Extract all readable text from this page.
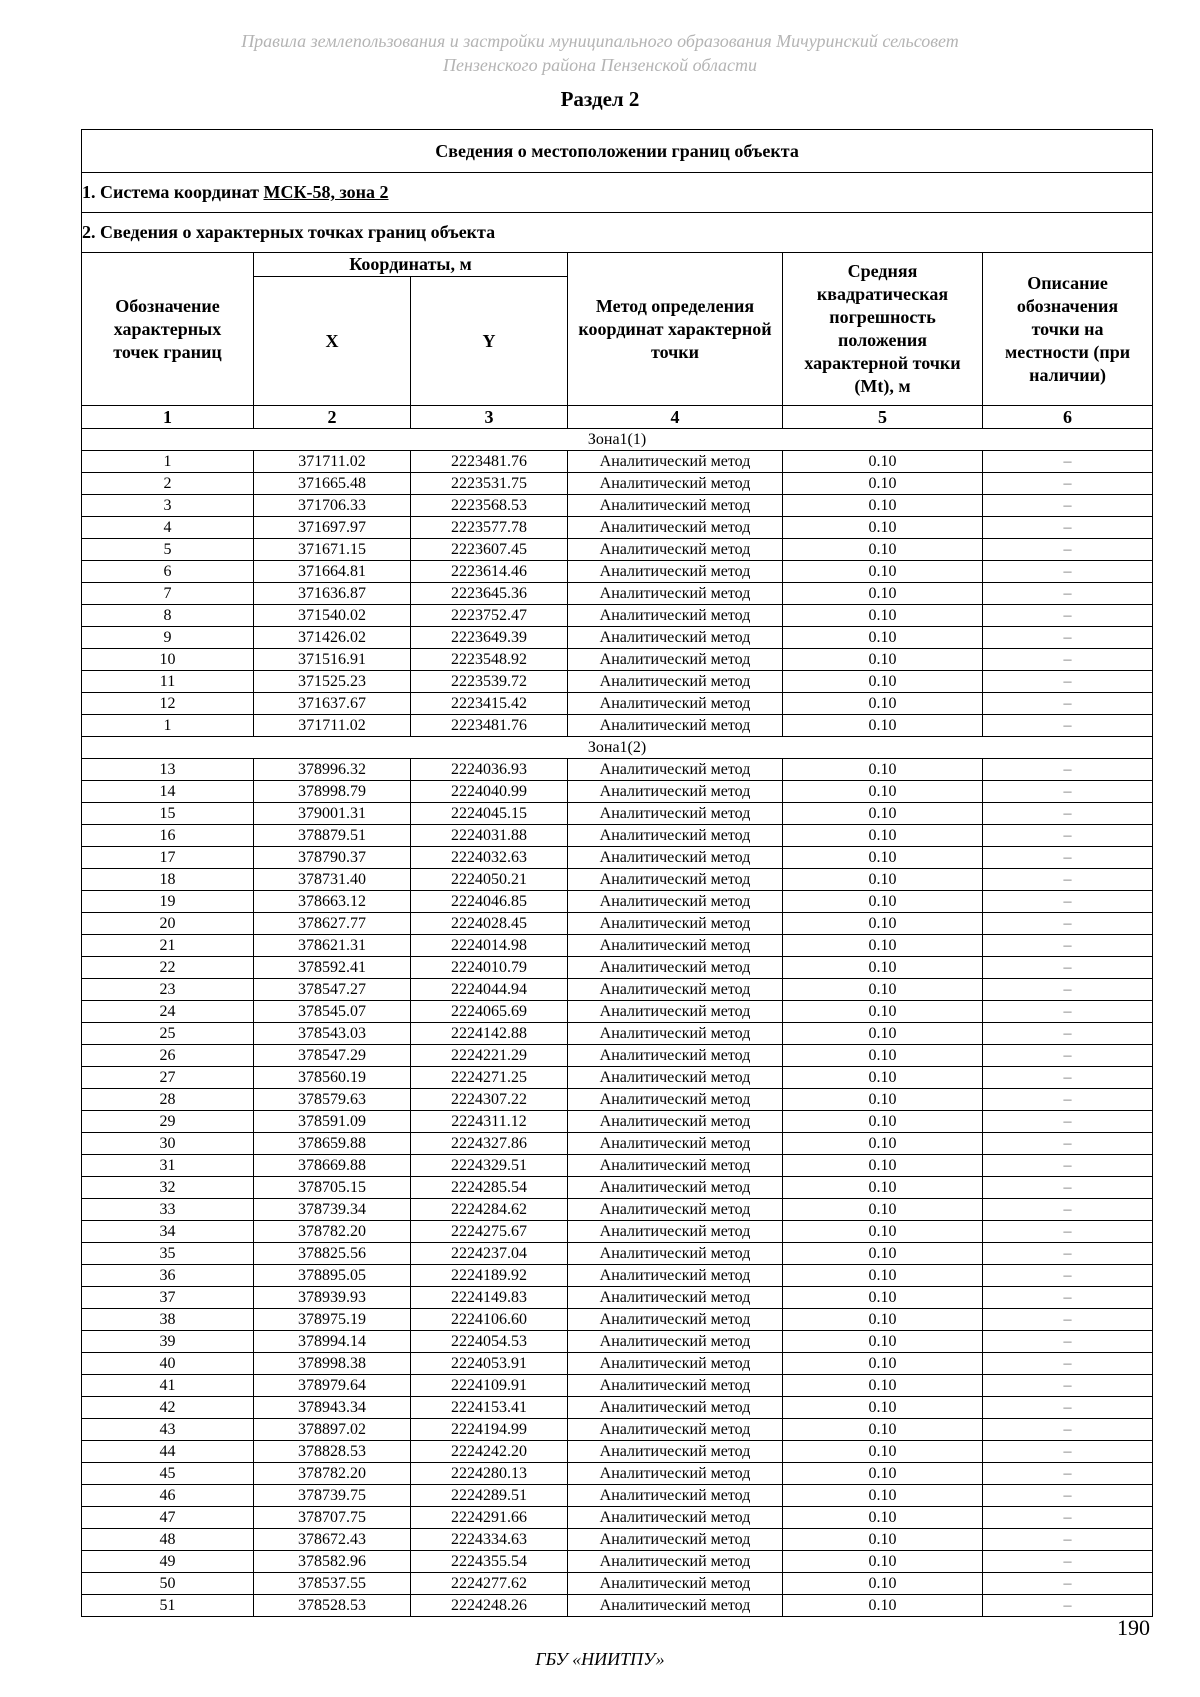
Правила землепользования и застройки муниципального образования Мичуринский сельсовет
Пензенского района Пензенской области
Раздел 2
Сведения о местоположении границ объекта					
1. Система координат МСК-58, зона 2					
2. Сведения о характерных точках границ объекта					
Обозначение характерных точек границ	Координаты, м		Метод определения координат характерной точки	Средняя квадратическая погрешность положения характерной точки (Mt), м	Описание обозначения точки на местности (при наличии)
	X	Y			
1	2	3	4	5	6
Зона1(1)					
1	371711.02	2223481.76	Аналитический метод	0.10	–
2	371665.48	2223531.75	Аналитический метод	0.10	–
3	371706.33	2223568.53	Аналитический метод	0.10	–
4	371697.97	2223577.78	Аналитический метод	0.10	–
5	371671.15	2223607.45	Аналитический метод	0.10	–
6	371664.81	2223614.46	Аналитический метод	0.10	–
7	371636.87	2223645.36	Аналитический метод	0.10	–
8	371540.02	2223752.47	Аналитический метод	0.10	–
9	371426.02	2223649.39	Аналитический метод	0.10	–
10	371516.91	2223548.92	Аналитический метод	0.10	–
11	371525.23	2223539.72	Аналитический метод	0.10	–
12	371637.67	2223415.42	Аналитический метод	0.10	–
1	371711.02	2223481.76	Аналитический метод	0.10	–
Зона1(2)					
13	378996.32	2224036.93	Аналитический метод	0.10	–
14	378998.79	2224040.99	Аналитический метод	0.10	–
15	379001.31	2224045.15	Аналитический метод	0.10	–
16	378879.51	2224031.88	Аналитический метод	0.10	–
17	378790.37	2224032.63	Аналитический метод	0.10	–
18	378731.40	2224050.21	Аналитический метод	0.10	–
19	378663.12	2224046.85	Аналитический метод	0.10	–
20	378627.77	2224028.45	Аналитический метод	0.10	–
21	378621.31	2224014.98	Аналитический метод	0.10	–
22	378592.41	2224010.79	Аналитический метод	0.10	–
23	378547.27	2224044.94	Аналитический метод	0.10	–
24	378545.07	2224065.69	Аналитический метод	0.10	–
25	378543.03	2224142.88	Аналитический метод	0.10	–
26	378547.29	2224221.29	Аналитический метод	0.10	–
27	378560.19	2224271.25	Аналитический метод	0.10	–
28	378579.63	2224307.22	Аналитический метод	0.10	–
29	378591.09	2224311.12	Аналитический метод	0.10	–
30	378659.88	2224327.86	Аналитический метод	0.10	–
31	378669.88	2224329.51	Аналитический метод	0.10	–
32	378705.15	2224285.54	Аналитический метод	0.10	–
33	378739.34	2224284.62	Аналитический метод	0.10	–
34	378782.20	2224275.67	Аналитический метод	0.10	–
35	378825.56	2224237.04	Аналитический метод	0.10	–
36	378895.05	2224189.92	Аналитический метод	0.10	–
37	378939.93	2224149.83	Аналитический метод	0.10	–
38	378975.19	2224106.60	Аналитический метод	0.10	–
39	378994.14	2224054.53	Аналитический метод	0.10	–
40	378998.38	2224053.91	Аналитический метод	0.10	–
41	378979.64	2224109.91	Аналитический метод	0.10	–
42	378943.34	2224153.41	Аналитический метод	0.10	–
43	378897.02	2224194.99	Аналитический метод	0.10	–
44	378828.53	2224242.20	Аналитический метод	0.10	–
45	378782.20	2224280.13	Аналитический метод	0.10	–
46	378739.75	2224289.51	Аналитический метод	0.10	–
47	378707.75	2224291.66	Аналитический метод	0.10	–
48	378672.43	2224334.63	Аналитический метод	0.10	–
49	378582.96	2224355.54	Аналитический метод	0.10	–
50	378537.55	2224277.62	Аналитический метод	0.10	–
51	378528.53	2224248.26	Аналитический метод	0.10	–
190
ГБУ «НИИТПУ»
